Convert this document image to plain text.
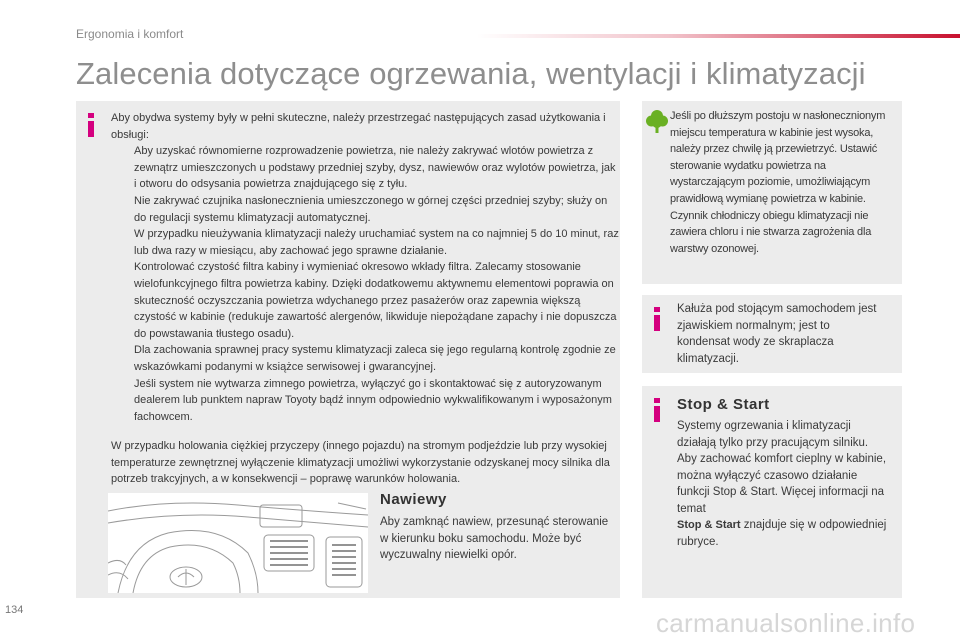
Ergonomia i komfort
Zalecenia dotyczące ogrzewania, wentylacji i klimatyzacji
Aby obydwa systemy były w pełni skuteczne, należy przestrzegać następujących zasad użytkowania i obsługi:
Aby uzyskać równomierne rozprowadzenie powietrza, nie należy zakrywać wlotów powietrza z zewnątrz umieszczonych u podstawy przedniej szyby, dysz, nawiewów oraz wylotów powietrza, jak i otworu do odsysania powietrza znajdującego się z tyłu.
Nie zakrywać czujnika nasłonecznienia umieszczonego w górnej części przedniej szyby; służy on do regulacji systemu klimatyzacji automatycznej.
W przypadku nieużywania klimatyzacji należy uruchamiać system na co najmniej 5 do 10 minut, raz lub dwa razy w miesiącu, aby zachować jego sprawne działanie.
Kontrolować czystość filtra kabiny i wymieniać okresowo wkłady filtra. Zalecamy stosowanie wielofunkcyjnego filtra powietrza kabiny. Dzięki dodatkowemu aktywnemu elementowi poprawia on skuteczność oczyszczania powietrza wdychanego przez pasażerów oraz zapewnia większą czystość w kabinie (redukuje zawartość alergenów, likwiduje niepożądane zapachy i nie dopuszcza do powstawania tłustego osadu).
Dla zachowania sprawnej pracy systemu klimatyzacji zaleca się jego regularną kontrolę zgodnie ze wskazówkami podanymi w książce serwisowej i gwarancyjnej.
Jeśli system nie wytwarza zimnego powietrza, wyłączyć go i skontaktować się z autoryzowanym dealerem lub punktem napraw Toyoty bądź innym odpowiednio wykwalifikowanym i wyposażonym fachowcem.
W przypadku holowania ciężkiej przyczepy (innego pojazdu) na stromym podjeździe lub przy wysokiej temperaturze zewnętrznej wyłączenie klimatyzacji umożliwi wykorzystanie odzyskanej mocy silnika dla potrzeb trakcyjnych, a w konsekwencji – poprawę warunków holowania.
Nawiewy
Aby zamknąć nawiew, przesunąć sterowanie w kierunku boku samochodu. Może być wyczuwalny niewielki opór.
Jeśli po dłuższym postoju w nasłonecznionym miejscu temperatura w kabinie jest wysoka, należy przez chwilę ją przewietrzyć. Ustawić sterowanie wydatku powietrza na wystarczającym poziomie, umożliwiającym prawidłową wymianę powietrza w kabinie. Czynnik chłodniczy obiegu klimatyzacji nie zawiera chloru i nie stwarza zagrożenia dla warstwy ozonowej.
Kałuża pod stojącym samochodem jest zjawiskiem normalnym; jest to kondensat wody ze skraplacza klimatyzacji.
Stop & Start
Systemy ogrzewania i klimatyzacji działają tylko przy pracującym silniku. Aby zachować komfort cieplny w kabinie, można wyłączyć czasowo działanie funkcji Stop & Start. Więcej informacji na temat
Stop & Start znajduje się w odpowiedniej rubryce.
134	carmanualsonline.info
